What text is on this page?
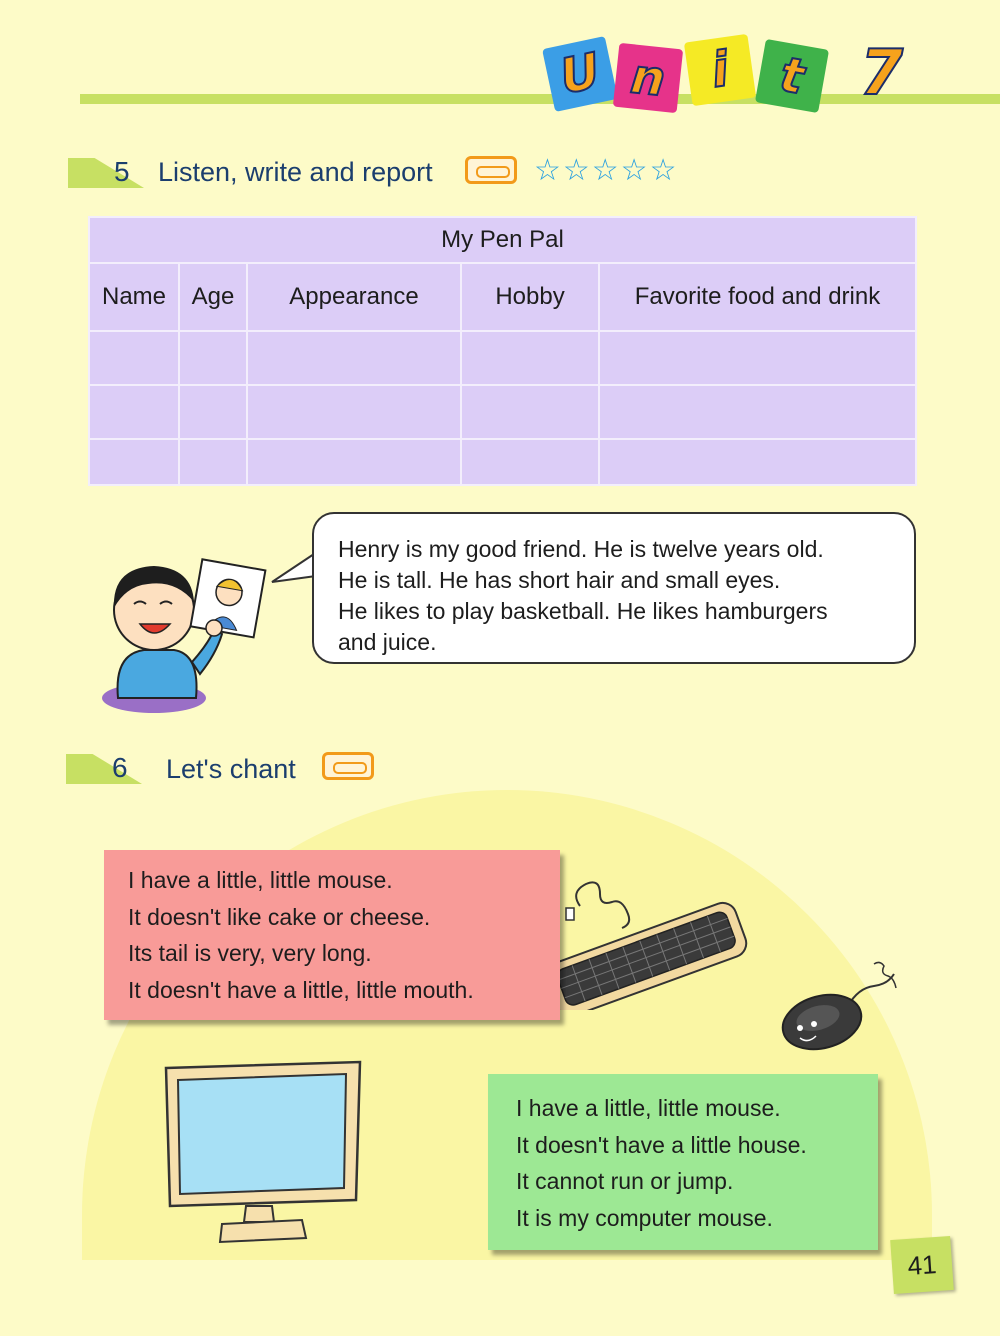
U n i t 7
5 Listen, write and report	☆☆☆☆☆
My Pen Pal				
Name	Age	Appearance	Hobby	Favorite food and drink

Henry is my good friend. He is twelve years old.
He is tall. He has short hair and small eyes.
He likes to play basketball. He likes hamburgers
and juice.
6 Let's chant
I have a little, little mouse.
It doesn't like cake or cheese.
Its tail is very, very long.
It doesn't have a little, little mouth.
I have a little, little mouse.
It doesn't have a little house.
It cannot run or jump.
It is my computer mouse.
41
